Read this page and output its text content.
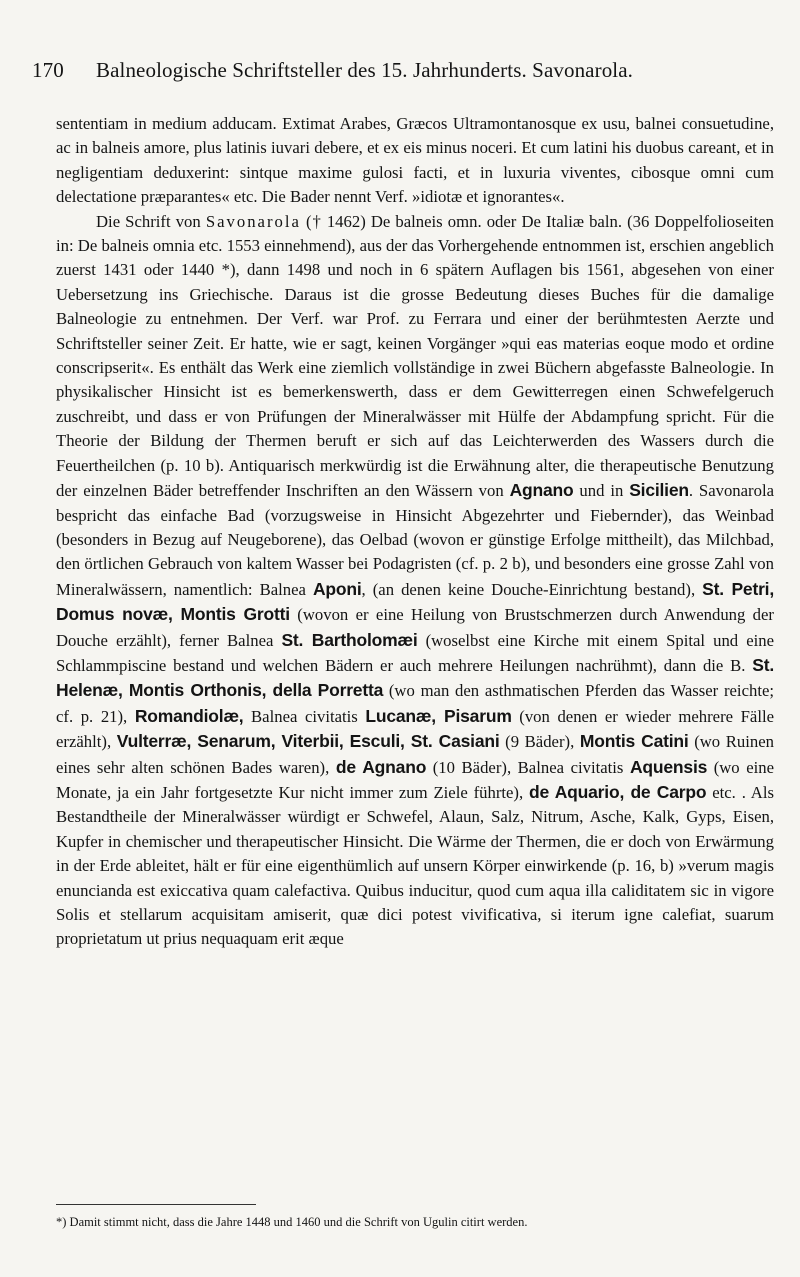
170 Balneologische Schriftsteller des 15. Jahrhunderts. Savonarola.

sententiam in medium adducam. Extimat Arabes, Græcos Ultramontanosque ex usu, balnei consuetudine, ac in balneis amore, plus latinis iuvari debere, et ex eis minus noceri. Et cum latini his duobus careant, et in negligentiam deduxerint: sintque maxime gulosi facti, et in luxuria viventes, cibosque omni cum delectatione præparantes« etc. Die Bader nennt Verf. »idiotæ et ignorantes«.

Die Schrift von Savonarola († 1462) De balneis omn. oder De Italiæ baln. (36 Doppelfolioseiten in: De balneis omnia etc. 1553 einnehmend), aus der das Vorhergehende entnommen ist, erschien angeblich zuerst 1431 oder 1440 *), dann 1498 und noch in 6 spätern Auflagen bis 1561, abgesehen von einer Uebersetzung ins Griechische. Daraus ist die grosse Bedeutung dieses Buches für die damalige Balneologie zu entnehmen. Der Verf. war Prof. zu Ferrara und einer der berühmtesten Aerzte und Schriftsteller seiner Zeit. Er hatte, wie er sagt, keinen Vorgänger »qui eas materias eoque modo et ordine conscripserit«. Es enthält das Werk eine ziemlich vollständige in zwei Büchern abgefasste Balneologie. In physikalischer Hinsicht ist es bemerkenswerth, dass er dem Gewitterregen einen Schwefelgeruch zuschreibt, und dass er von Prüfungen der Mineralwässer mit Hülfe der Abdampfung spricht. Für die Theorie der Bildung der Thermen beruft er sich auf das Leichterwerden des Wassers durch die Feuertheilchen (p. 10 b). Antiquarisch merkwürdig ist die Erwähnung alter, die therapeutische Benutzung der einzelnen Bäder betreffender Inschriften an den Wässern von Agnano und in Sicilien. Savonarola bespricht das einfache Bad (vorzugsweise in Hinsicht Abgezehrter und Fiebernder), das Weinbad (besonders in Bezug auf Neugeborene), das Oelbad (wovon er günstige Erfolge mittheilt), das Milchbad, den örtlichen Gebrauch von kaltem Wasser bei Podagristen (cf. p. 2 b), und besonders eine grosse Zahl von Mineralwässern, namentlich: Balnea Aponi, (an denen keine Douche-Einrichtung bestand), St. Petri, Domus novæ, Montis Grotti (wovon er eine Heilung von Brustschmerzen durch Anwendung der Douche erzählt), ferner Balnea St. Bartholomæi (woselbst eine Kirche mit einem Spital und eine Schlammpiscine bestand und welchen Bädern er auch mehrere Heilungen nachrühmt), dann die B. St. Helenæ, Montis Orthonis, della Porretta (wo man den asthmatischen Pferden das Wasser reichte; cf. p. 21), Romandiolæ, Balnea civitatis Lucanæ, Pisarum (von denen er wieder mehrere Fälle erzählt), Vulterræ, Senarum, Viterbii, Esculi, St. Casiani (9 Bäder), Montis Catini (wo Ruinen eines sehr alten schönen Bades waren), de Agnano (10 Bäder), Balnea civitatis Aquensis (wo eine Monate, ja ein Jahr fortgesetzte Kur nicht immer zum Ziele führte), de Aquario, de Carpo etc. . Als Bestandtheile der Mineralwässer würdigt er Schwefel, Alaun, Salz, Nitrum, Asche, Kalk, Gyps, Eisen, Kupfer in chemischer und therapeutischer Hinsicht. Die Wärme der Thermen, die er doch von Erwärmung in der Erde ableitet, hält er für eine eigenthümlich auf unsern Körper einwirkende (p. 16, b) »verum magis enuncianda est exiccativa quam calefactiva. Quibus inducitur, quod cum aqua illa caliditatem sic in vigore Solis et stellarum acquisitam amiserit, quæ dici potest vivificativa, si iterum igne calefiat, suarum proprietatum ut prius nequaquam erit æque

*) Damit stimmt nicht, dass die Jahre 1448 und 1460 und die Schrift von Ugulin citirt werden.
